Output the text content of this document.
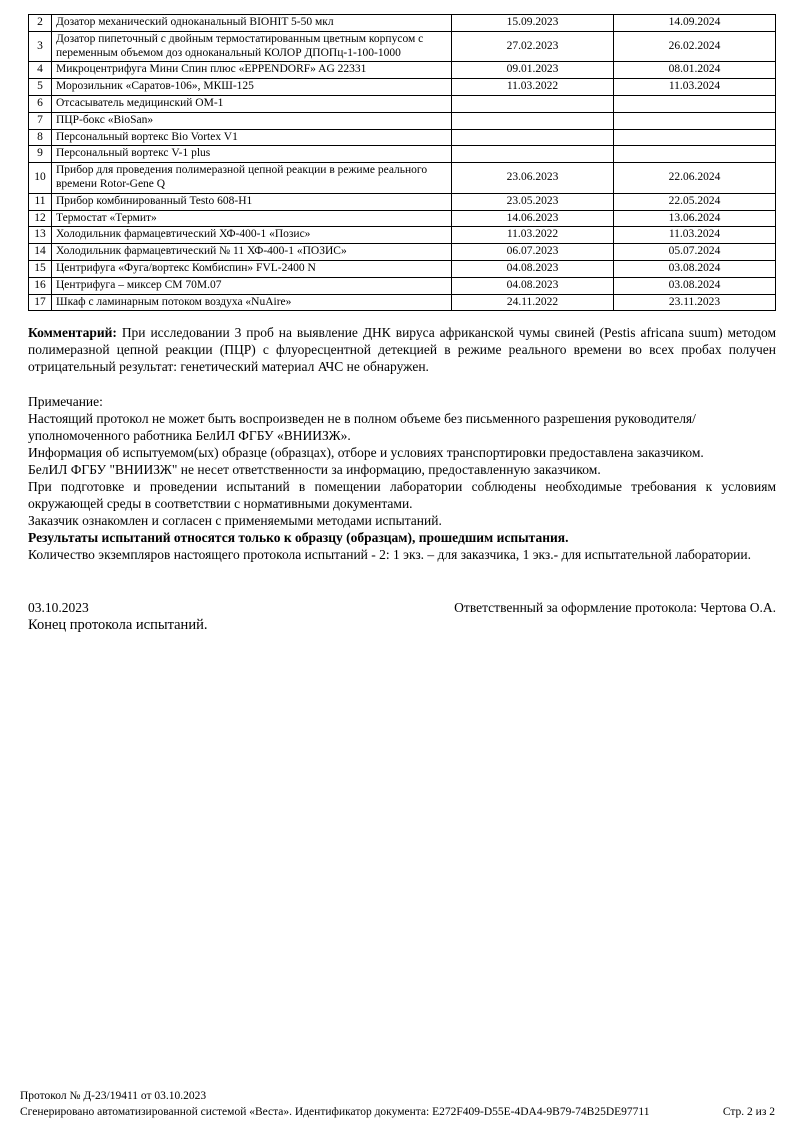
2	Дозатор механический одноканальный BIOHIT 5-50 мкл	15.09.2023	14.09.2024
3	Дозатор пипеточный с двойным термостатированным цветным корпусом с переменным объемом доз одноканальный КОЛОР ДПОПц-1-100-1000	27.02.2023	26.02.2024
4	Микроцентрифуга Мини Спин плюс «EPPENDORF» AG 22331	09.01.2023	08.01.2024
5	Морозильник «Саратов-106», МКШ-125	11.03.2022	11.03.2024
6	Отсасыватель медицинский ОМ-1		
7	ПЦР-бокс «BioSan»		
8	Персональный вортекс Bio Vortex V1		
9	Персональный вортекс V-1 plus		
10	Прибор для проведения полимеразной цепной реакции в режиме реального времени Rotor-Gene Q	23.06.2023	22.06.2024
11	Прибор комбинированный Testo 608-H1	23.05.2023	22.05.2024
12	Термостат «Термит»	14.06.2023	13.06.2024
13	Холодильник фармацевтический ХФ-400-1 «Позис»	11.03.2022	11.03.2024
14	Холодильник фармацевтический № 11 ХФ-400-1 «ПОЗИС»	06.07.2023	05.07.2024
15	Центрифуга «Фуга/вортекс Комбиспин» FVL-2400 N	04.08.2023	03.08.2024
16	Центрифуга – миксер СМ 70М.07	04.08.2023	03.08.2024
17	Шкаф с ламинарным потоком воздуха «NuAire»	24.11.2022	23.11.2023
Комментарий: При исследовании 3 проб на выявление ДНК вируса африканской чумы свиней (Pestis africana suum) методом полимеразной цепной реакции (ПЦР) с флуоресцентной детекцией в режиме реального времени во всех пробах получен отрицательный результат: генетический материал АЧС не обнаружен.
Примечание:
Настоящий протокол не может быть воспроизведен не в полном объеме без письменного разрешения руководителя/уполномоченного работника БелИЛ ФГБУ «ВНИИЗЖ».
Информация об испытуемом(ых) образце (образцах), отборе и условиях транспортировки предоставлена заказчиком.
БелИЛ ФГБУ "ВНИИЗЖ" не несет ответственности за информацию, предоставленную заказчиком.
При подготовке и проведении испытаний в помещении лаборатории соблюдены необходимые требования к условиям окружающей среды в соответствии с нормативными документами.
Заказчик ознакомлен и согласен с применяемыми методами испытаний.
Результаты испытаний относятся только к образцу (образцам), прошедшим испытания.
Количество экземпляров настоящего протокола испытаний - 2: 1 экз. – для заказчика, 1 экз.- для испытательной лаборатории.
03.10.2023	Ответственный за оформление протокола: Чертова О.А.
Конец протокола испытаний.
Протокол № Д-23/19411 от 03.10.2023
Сгенерировано автоматизированной системой «Веста». Идентификатор документа: E272F409-D55E-4DA4-9B79-74B25DE97711	Стр. 2 из 2
